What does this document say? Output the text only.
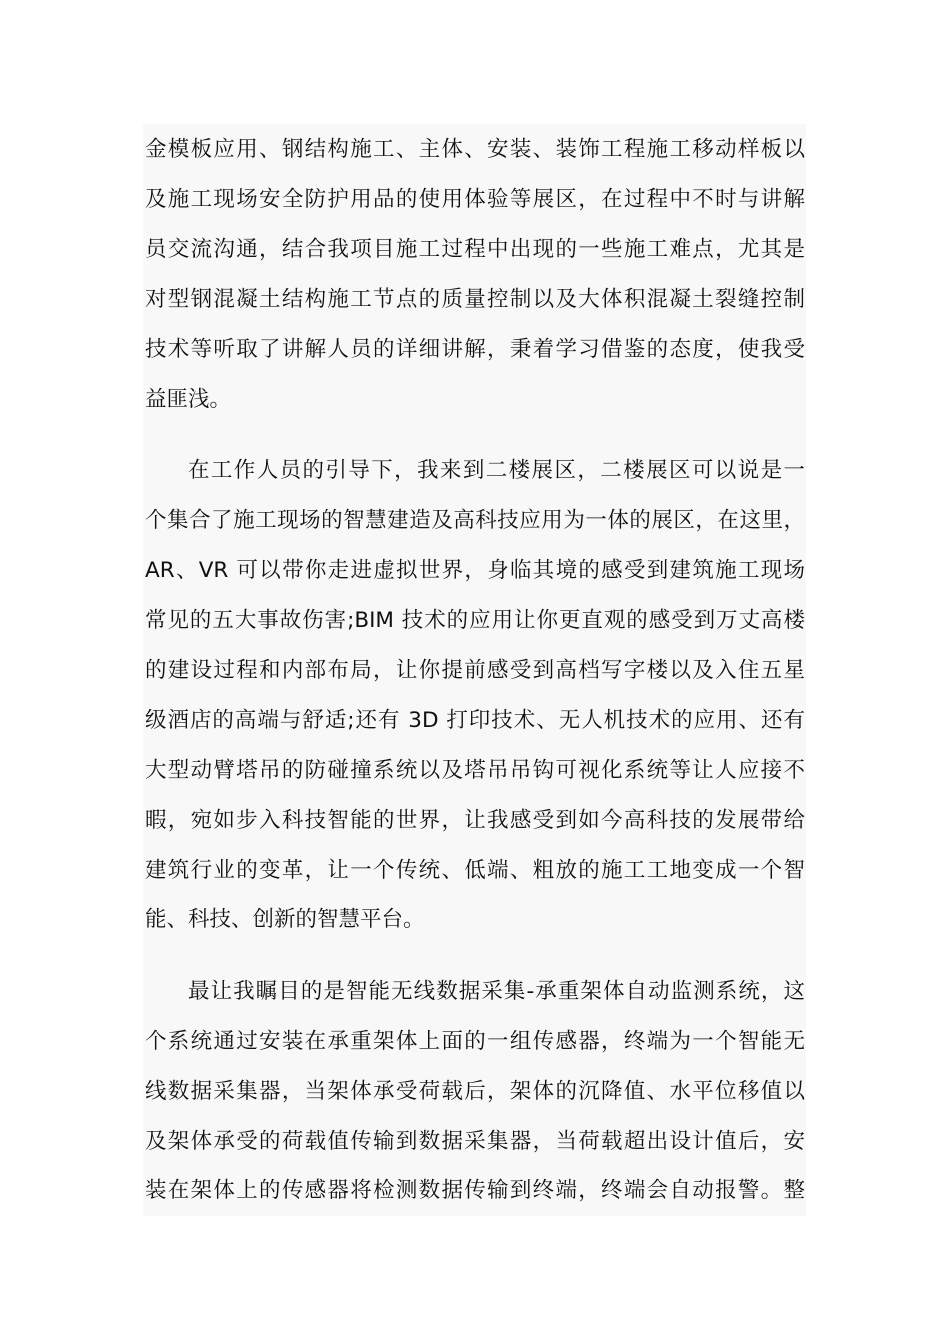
金模板应用、钢结构施工、主体、安装、装饰工程施工移动样板以
及施工现场安全防护用品的使用体验等展区，在过程中不时与讲解
员交流沟通，结合我项目施工过程中出现的一些施工难点，尤其是
对型钢混凝土结构施工节点的质量控制以及大体积混凝土裂缝控制
技术等听取了讲解人员的详细讲解，秉着学习借鉴的态度，使我受
益匪浅。
在工作人员的引导下，我来到二楼展区，二楼展区可以说是一
个集合了施工现场的智慧建造及高科技应用为一体的展区，在这里，
AR、VR 可以带你走进虚拟世界，身临其境的感受到建筑施工现场
常见的五大事故伤害;BIM 技术的应用让你更直观的感受到万丈高楼
的建设过程和内部布局，让你提前感受到高档写字楼以及入住五星
级酒店的高端与舒适;还有 3D 打印技术、无人机技术的应用、还有
大型动臂塔吊的防碰撞系统以及塔吊吊钩可视化系统等让人应接不
暇，宛如步入科技智能的世界，让我感受到如今高科技的发展带给
建筑行业的变革，让一个传统、低端、粗放的施工工地变成一个智
能、科技、创新的智慧平台。
最让我瞩目的是智能无线数据采集-承重架体自动监测系统，这
个系统通过安装在承重架体上面的一组传感器，终端为一个智能无
线数据采集器，当架体承受荷载后，架体的沉降值、水平位移值以
及架体承受的荷载值传输到数据采集器，当荷载超出设计值后，安
装在架体上的传感器将检测数据传输到终端，终端会自动报警。整
